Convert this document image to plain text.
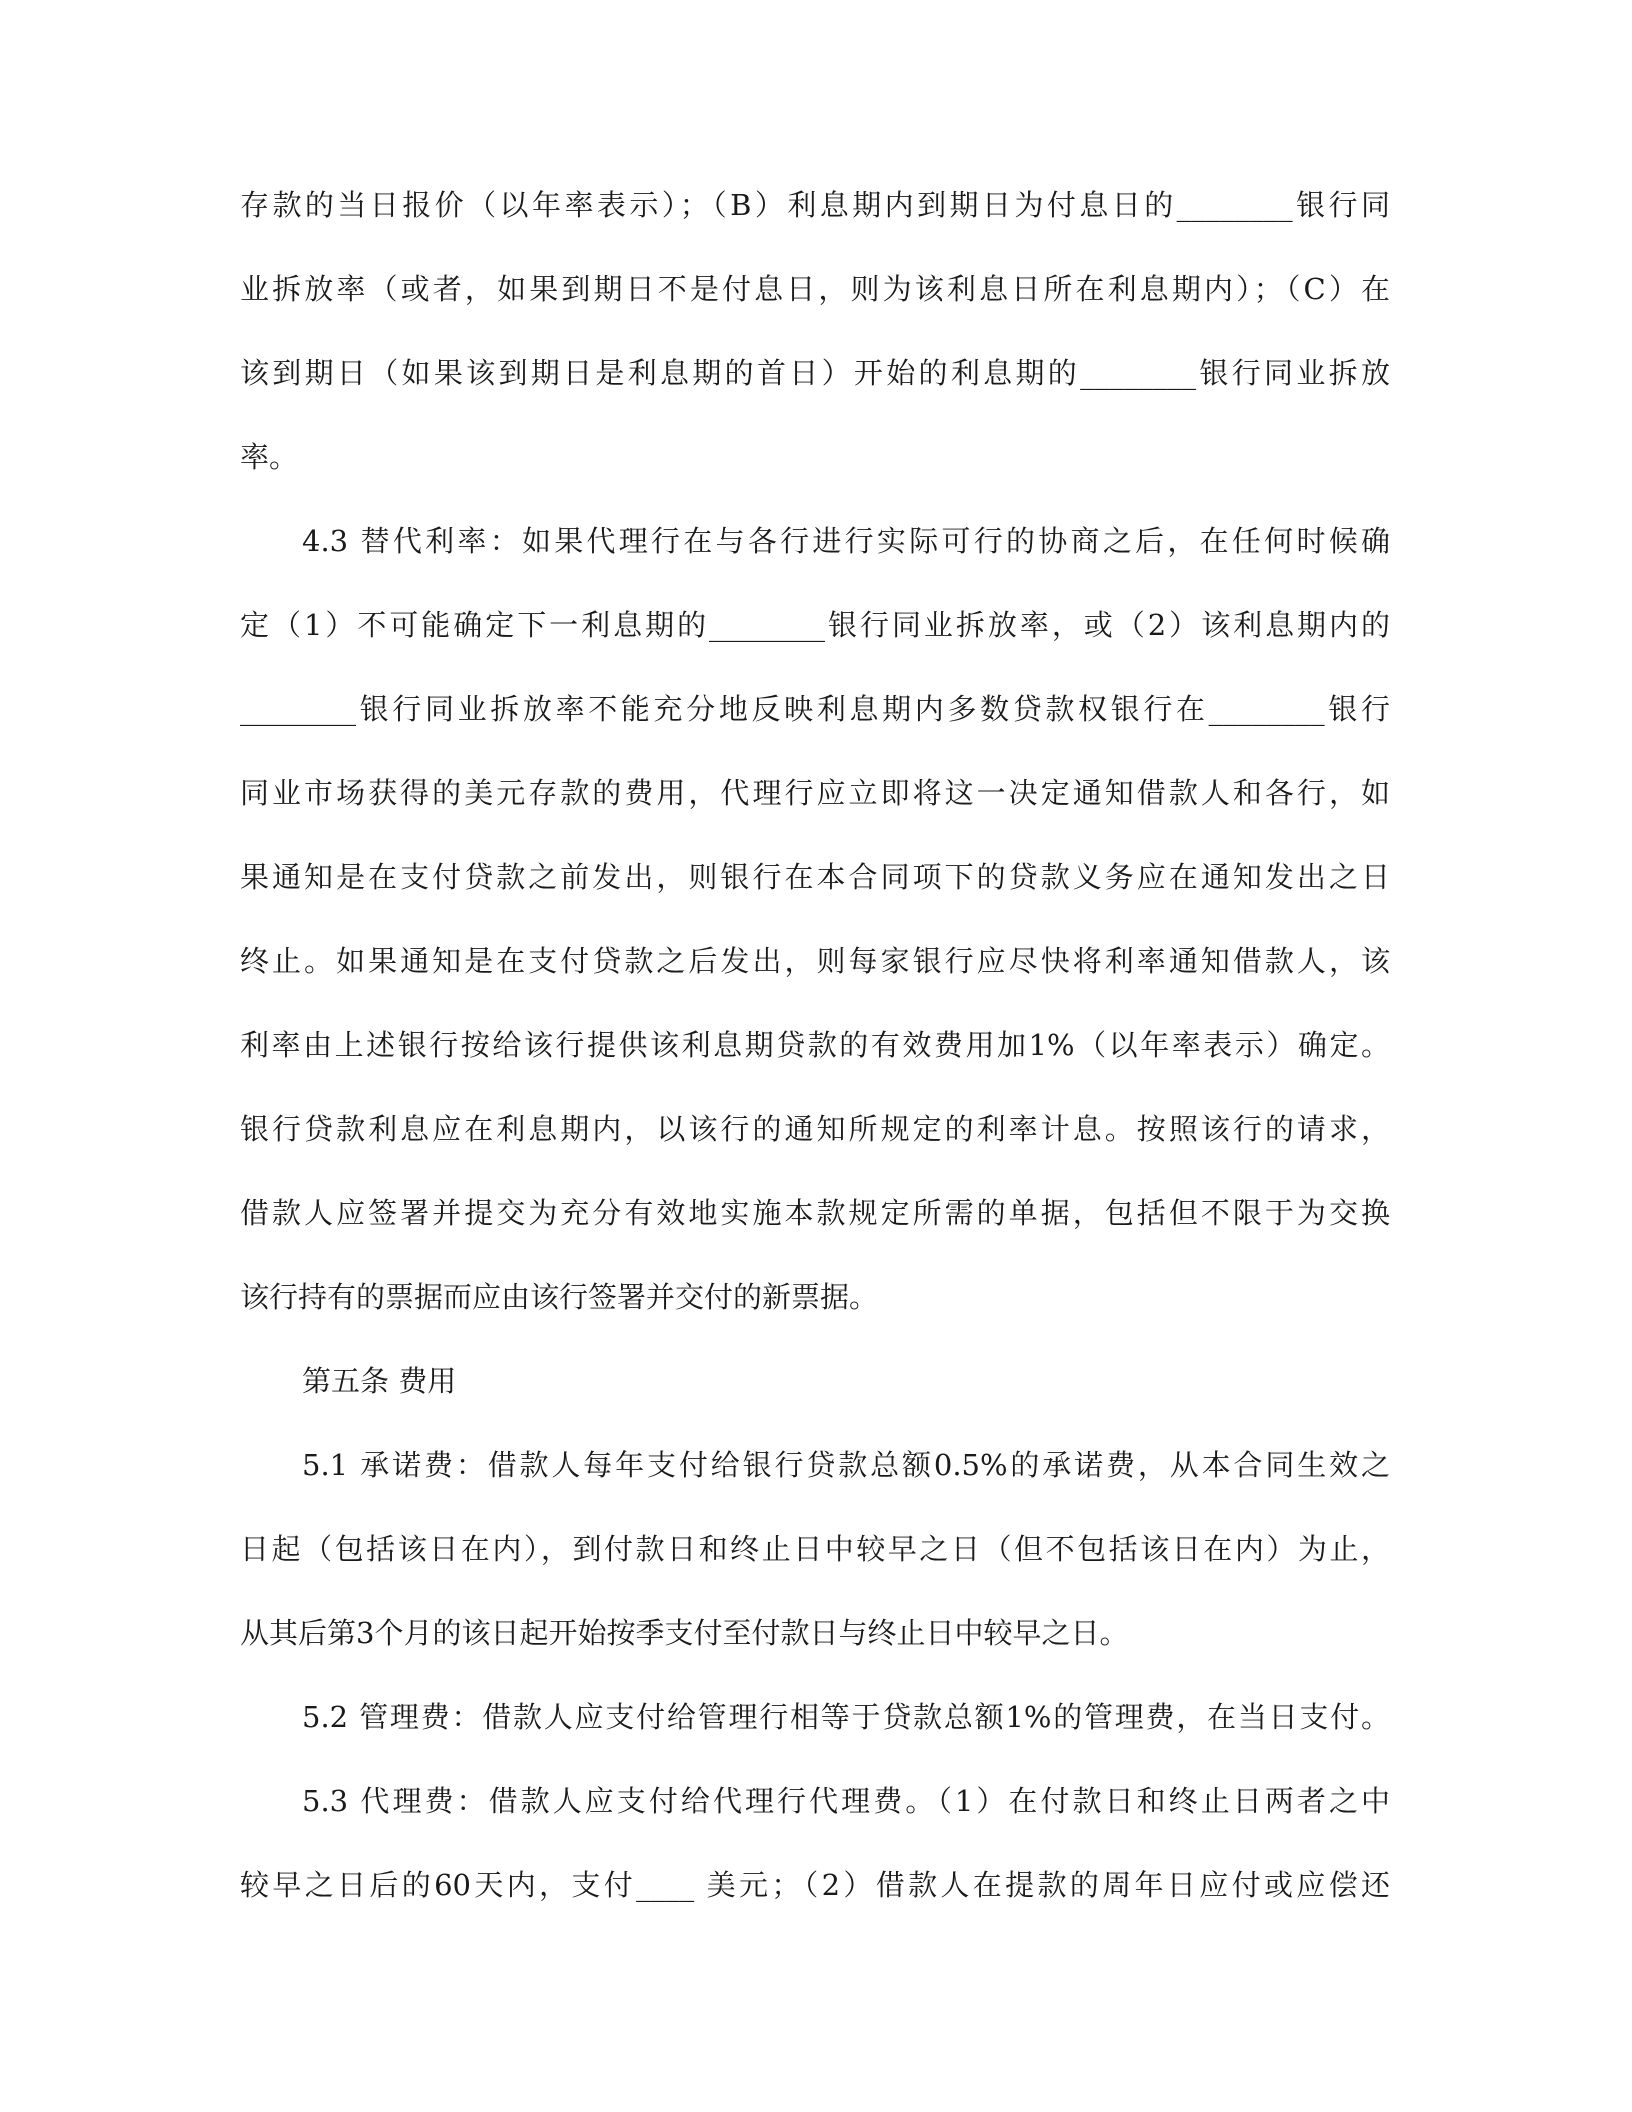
存款的当日报价（以年率表示）；（B）利息期内到期日为付息日的________银行同
业拆放率（或者，如果到期日不是付息日，则为该利息日所在利息期内）；（C）在
该到期日（如果该到期日是利息期的首日）开始的利息期的________银行同业拆放
率。
4.3 替代利率：如果代理行在与各行进行实际可行的协商之后，在任何时候确
定（1）不可能确定下一利息期的________银行同业拆放率，或（2）该利息期内的
________银行同业拆放率不能充分地反映利息期内多数贷款权银行在________银行
同业市场获得的美元存款的费用，代理行应立即将这一决定通知借款人和各行，如
果通知是在支付贷款之前发出，则银行在本合同项下的贷款义务应在通知发出之日
终止。如果通知是在支付贷款之后发出，则每家银行应尽快将利率通知借款人，该
利率由上述银行按给该行提供该利息期贷款的有效费用加1%（以年率表示）确定。
银行贷款利息应在利息期内，以该行的通知所规定的利率计息。按照该行的请求，
借款人应签署并提交为充分有效地实施本款规定所需的单据，包括但不限于为交换
该行持有的票据而应由该行签署并交付的新票据。
第五条 费用
5.1 承诺费：借款人每年支付给银行贷款总额0.5%的承诺费，从本合同生效之
日起（包括该日在内），到付款日和终止日中较早之日（但不包括该日在内）为止，
从其后第3个月的该日起开始按季支付至付款日与终止日中较早之日。
5.2 管理费：借款人应支付给管理行相等于贷款总额1%的管理费，在当日支付。
5.3 代理费：借款人应支付给代理行代理费。（1）在付款日和终止日两者之中
较早之日后的60天内，支付____ 美元；（2）借款人在提款的周年日应付或应偿还
